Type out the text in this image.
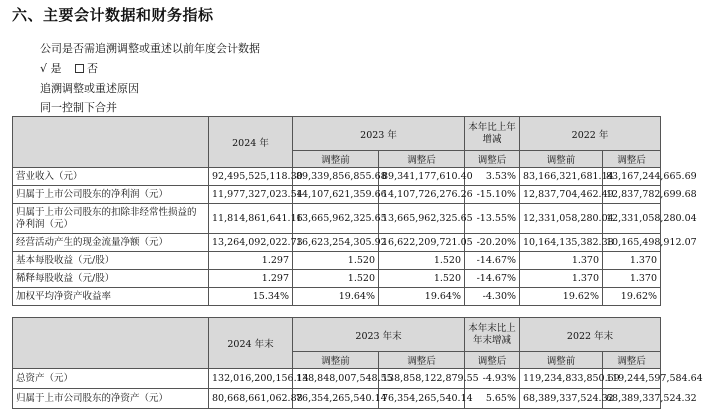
六、主要会计数据和财务指标
公司是否需追溯调整或重述以前年度会计数据
√ 是 否
追溯调整或重述原因
同一控制下合并
	2024 年	2023 年		本年比上年增减	2022 年	
		调整前	调整后	调整后	调整前	调整后
营业收入（元）	92,495,525,118.30	89,339,856,855.68	89,341,177,610.40	3.53%	83,166,321,681.14	83,167,244,665.69
归属于上市公司股东的净利润（元）	11,977,327,023.54	14,107,621,359.66	14,107,726,276.26	-15.10%	12,837,704,462.49	12,837,782,699.68
归属于上市公司股东的扣除非经常性损益的净利润（元）	11,814,861,641.16	13,665,962,325.65	13,665,962,325.65	-13.55%	12,331,058,280.04	12,331,058,280.04
经营活动产生的现金流量净额（元）	13,264,092,022.73	16,623,254,305.92	16,622,209,721.05	-20.20%	10,164,135,382.38	10,165,498,912.07
基本每股收益（元/股）	1.297	1.520	1.520	-14.67%	1.370	1.370
稀释每股收益（元/股）	1.297	1.520	1.520	-14.67%	1.370	1.370
加权平均净资产收益率	15.34%	19.64%	19.64%	-4.30%	19.62%	19.62%
	2024 年末	2023 年末		本年末比上年末增减	2022 年末	
		调整前	调整后	调整后	调整前	调整后
总资产（元）	132,016,200,156.14	138,848,007,548.55	138,858,122,879.55	-4.93%	119,234,833,850.69	119,244,597,584.64
归属于上市公司股东的净资产（元）	80,668,661,062.88	76,354,265,540.14	76,354,265,540.14	5.65%	68,389,337,524.32	68,389,337,524.32
